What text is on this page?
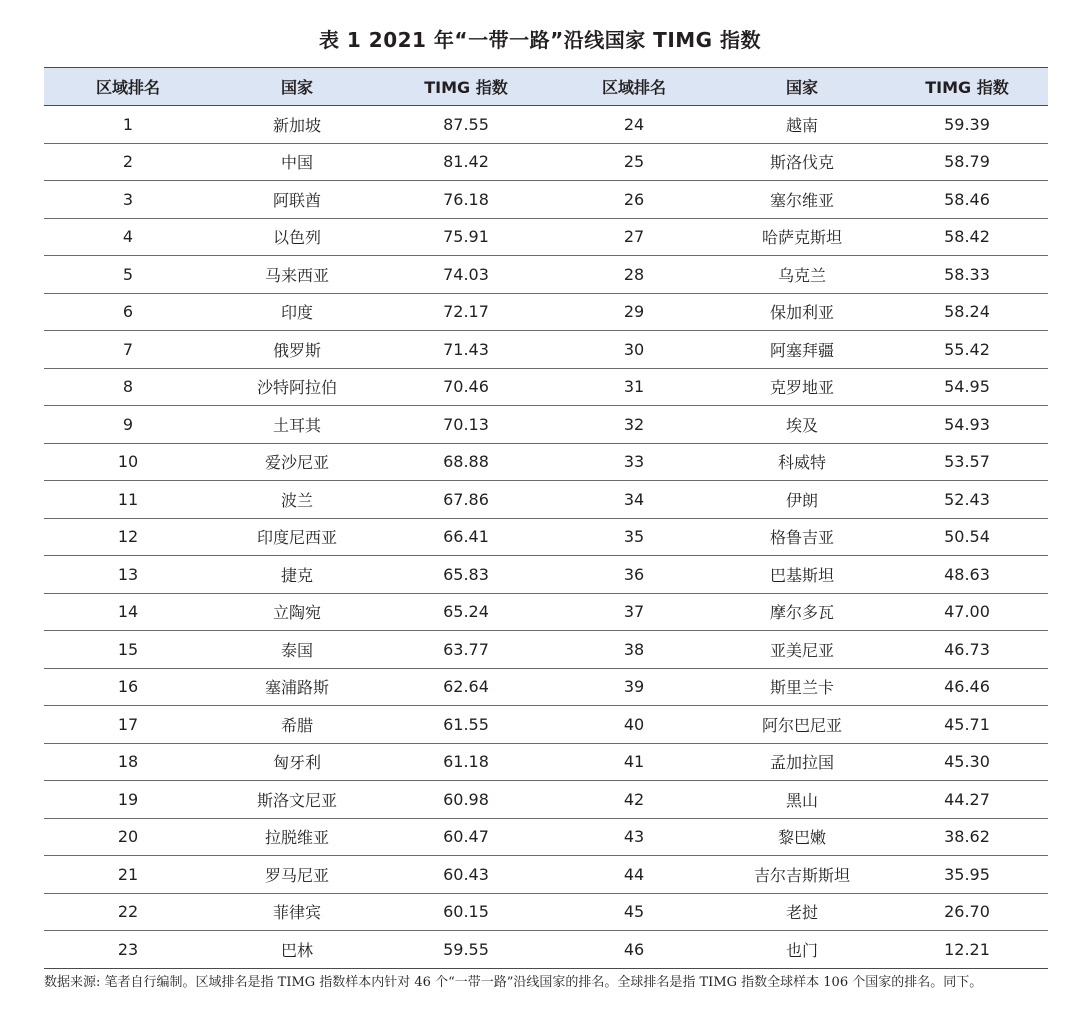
表 1 2021 年“一带一路”沿线国家 TIMG 指数
区域排名	国家	TIMG 指数	区域排名	国家	TIMG 指数
1	新加坡	87.55	24	越南	59.39
2	中国	81.42	25	斯洛伐克	58.79
3	阿联酋	76.18	26	塞尔维亚	58.46
4	以色列	75.91	27	哈萨克斯坦	58.42
5	马来西亚	74.03	28	乌克兰	58.33
6	印度	72.17	29	保加利亚	58.24
7	俄罗斯	71.43	30	阿塞拜疆	55.42
8	沙特阿拉伯	70.46	31	克罗地亚	54.95
9	土耳其	70.13	32	埃及	54.93
10	爱沙尼亚	68.88	33	科威特	53.57
11	波兰	67.86	34	伊朗	52.43
12	印度尼西亚	66.41	35	格鲁吉亚	50.54
13	捷克	65.83	36	巴基斯坦	48.63
14	立陶宛	65.24	37	摩尔多瓦	47.00
15	泰国	63.77	38	亚美尼亚	46.73
16	塞浦路斯	62.64	39	斯里兰卡	46.46
17	希腊	61.55	40	阿尔巴尼亚	45.71
18	匈牙利	61.18	41	孟加拉国	45.30
19	斯洛文尼亚	60.98	42	黑山	44.27
20	拉脱维亚	60.47	43	黎巴嫩	38.62
21	罗马尼亚	60.43	44	吉尔吉斯斯坦	35.95
22	菲律宾	60.15	45	老挝	26.70
23	巴林	59.55	46	也门	12.21
数据来源: 笔者自行编制。区域排名是指 TIMG 指数样本内针对 46 个“一带一路”沿线国家的排名。全球排名是指 TIMG 指数全球样本 106 个国家的排名。同下。
